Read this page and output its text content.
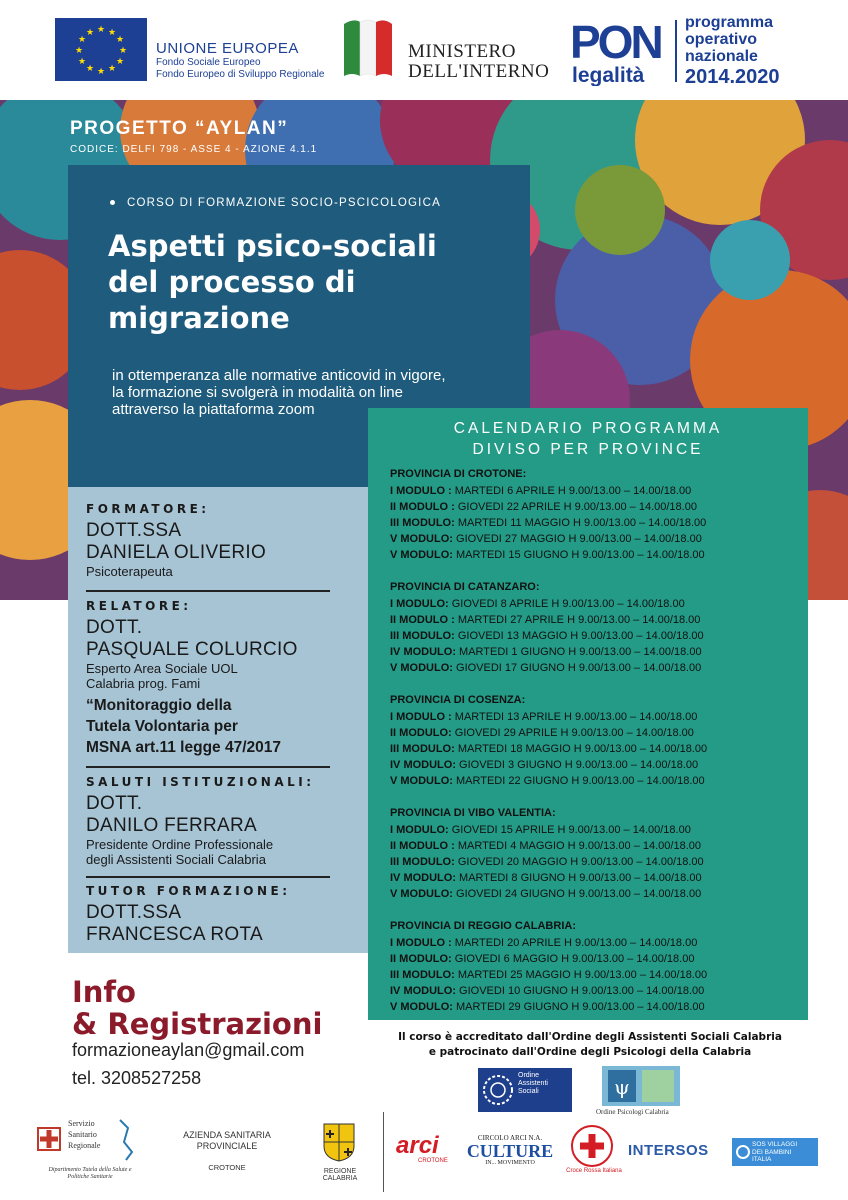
★ ★
★
★
★
★
★
★
★
★
★
★
UNIONE EUROPEA
Fondo Sociale Europeo
Fondo Europeo di Sviluppo Regionale
MINISTERO
DELL'INTERNO
PON
legalità
programma
operativo
nazionale
2014.2020
PROGETTO “AYLAN”
CODICE: DELFI 798 - ASSE 4 - AZIONE 4.1.1
CORSO DI FORMAZIONE SOCIO-PSCICOLOGICA
Aspetti psico-sociali
del processo di
migrazione
in ottemperanza alle normative anticovid in vigore,
la formazione si svolgerà in modalità on line
attraverso la piattaforma zoom
FORMATORE:
DOTT.SSA
DANIELA OLIVERIO
Psicoterapeuta
RELATORE:
DOTT.
PASQUALE COLURCIO
Esperto Area Sociale UOL
Calabria prog. Fami
“Monitoraggio della
Tutela Volontaria per
MSNA art.11 legge 47/2017
SALUTI ISTITUZIONALI:
DOTT.
DANILO FERRARA
Presidente Ordine Professionale
degli Assistenti Sociali Calabria
TUTOR FORMAZIONE:
DOTT.SSA
FRANCESCA ROTA
CALENDARIO PROGRAMMA
DIVISO PER PROVINCE
PROVINCIA DI CROTONE:
I MODULO : MARTEDI 6 APRILE H 9.00/13.00 – 14.00/18.00
II MODULO : GIOVEDI 22 APRILE H 9.00/13.00 – 14.00/18.00
III MODULO: MARTEDI 11 MAGGIO H 9.00/13.00 – 14.00/18.00
V MODULO: GIOVEDI 27 MAGGIO H 9.00/13.00 – 14.00/18.00
V MODULO: MARTEDI 15 GIUGNO H 9.00/13.00 – 14.00/18.00
PROVINCIA DI CATANZARO:
I MODULO: GIOVEDI 8 APRILE H 9.00/13.00 – 14.00/18.00
II MODULO : MARTEDI 27 APRILE H 9.00/13.00 – 14.00/18.00
III MODULO: GIOVEDI 13 MAGGIO H 9.00/13.00 – 14.00/18.00
IV MODULO: MARTEDI 1 GIUGNO H 9.00/13.00 – 14.00/18.00
V MODULO: GIOVEDI 17 GIUGNO H 9.00/13.00 – 14.00/18.00
PROVINCIA DI COSENZA:
I MODULO : MARTEDI 13 APRILE H 9.00/13.00 – 14.00/18.00
II MODULO: GIOVEDI 29 APRILE H 9.00/13.00 – 14.00/18.00
III MODULO: MARTEDI 18 MAGGIO H 9.00/13.00 – 14.00/18.00
IV MODULO: GIOVEDI 3 GIUGNO H 9.00/13.00 – 14.00/18.00
V MODULO: MARTEDI 22 GIUGNO H 9.00/13.00 – 14.00/18.00
PROVINCIA DI VIBO VALENTIA:
I MODULO: GIOVEDI 15 APRILE H 9.00/13.00 – 14.00/18.00
II MODULO : MARTEDI 4 MAGGIO H 9.00/13.00 – 14.00/18.00
III MODULO: GIOVEDI 20 MAGGIO H 9.00/13.00 – 14.00/18.00
IV MODULO: MARTEDI 8 GIUGNO H 9.00/13.00 – 14.00/18.00
V MODULO: GIOVEDI 24 GIUGNO H 9.00/13.00 – 14.00/18.00
PROVINCIA DI REGGIO CALABRIA:
I MODULO : MARTEDI 20 APRILE H 9.00/13.00 – 14.00/18.00
II MODULO: GIOVEDI 6 MAGGIO H 9.00/13.00 – 14.00/18.00
III MODULO: MARTEDI 25 MAGGIO H 9.00/13.00 – 14.00/18.00
IV MODULO: GIOVEDI 10 GIUGNO H 9.00/13.00 – 14.00/18.00
V MODULO: MARTEDI 29 GIUGNO H 9.00/13.00 – 14.00/18.00
Info
& Registrazioni
formazioneaylan@gmail.com
tel. 3208527258
Il corso è accreditato dall'Ordine degli Assistenti Sociali Calabria
e patrocinato dall'Ordine degli Psicologi della Calabria
Ordine
Assistenti
Sociali	ψ
Ordine Psicologi Calabria
Servizio
Sanitario
Regionale
Dipartimento Tutela della Salute e Politiche Sanitarie
AZIENDA SANITARIA PROVINCIALE
CROTONE	REGIONE CALABRIA
arci
CROTONE
CIRCOLO ARCI N.A.
CULTURE
IN... MOVIMENTO
Croce Rossa Italiana
INTERSOS	SOS VILLAGGI
DEI BAMBINI
ITALIA
